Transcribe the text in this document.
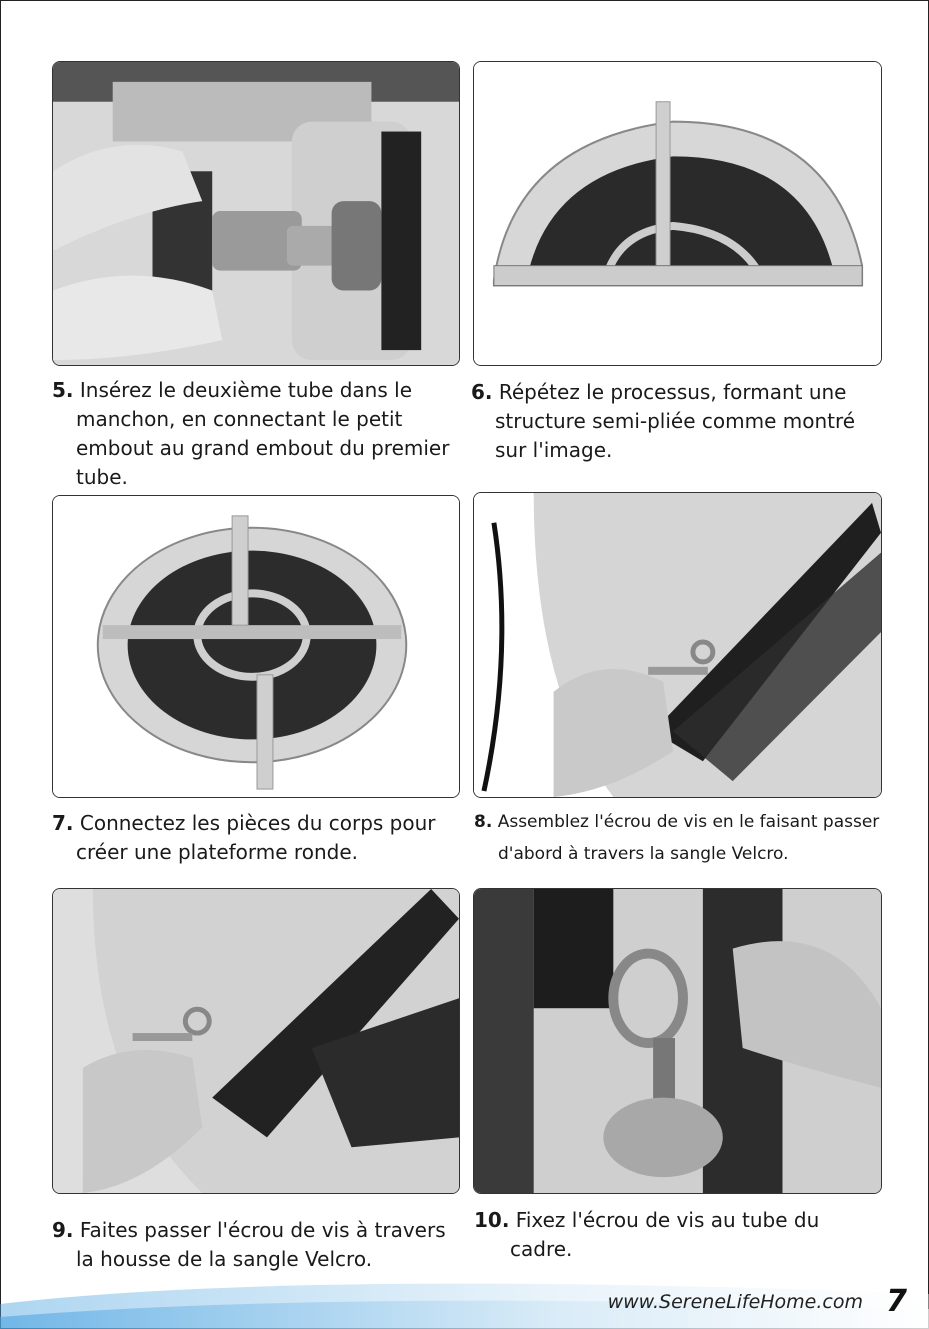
5. Insérez le deuxième tube dans le manchon, en connectant le petit embout au grand embout du premier tube.
6. Répétez le processus, formant une structure semi-pliée comme montré sur l'image.
7. Connectez les pièces du corps pour créer une plateforme ronde.
8. Assemblez l'écrou de vis en le faisant passer d'abord à travers la sangle Velcro.
9. Faites passer l'écrou de vis à travers la housse de la sangle Velcro.
10. Fixez l'écrou de vis au tube du cadre.
www.SereneLifeHome.com 7
